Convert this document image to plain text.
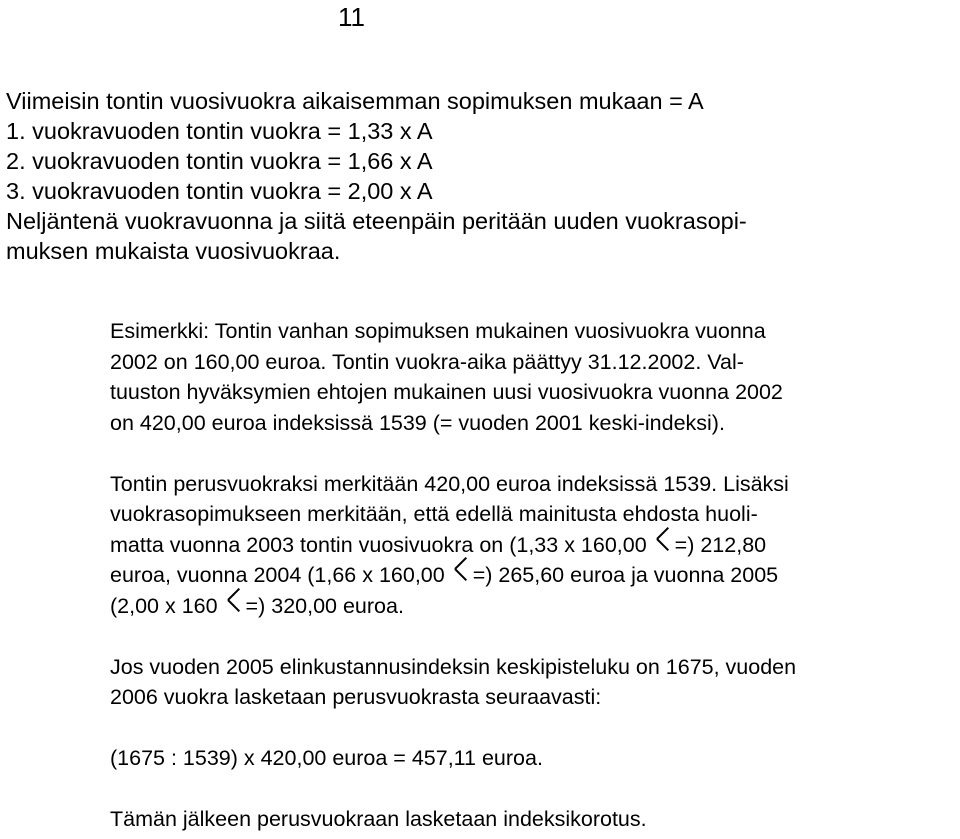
11
Viimeisin tontin vuosivuokra aikaisemman sopimuksen mukaan = A
1. vuokravuoden tontin vuokra = 1,33 x A
2. vuokravuoden tontin vuokra = 1,66 x A
3. vuokravuoden tontin vuokra = 2,00 x A
Neljäntenä vuokravuonna ja siitä eteenpäin peritään uuden vuokrasopi-
muksen mukaista vuosivuokraa.
Esimerkki: Tontin vanhan sopimuksen mukainen vuosivuokra vuonna
2002 on 160,00 euroa. Tontin vuokra-aika päättyy 31.12.2002. Val-
tuuston hyväksymien ehtojen mukainen uusi vuosivuokra vuonna 2002
on 420,00 euroa indeksissä 1539 (= vuoden 2001 keski-indeksi).
Tontin perusvuokraksi merkitään 420,00 euroa indeksissä 1539. Lisäksi
vuokrasopimukseen merkitään, että edellä mainitusta ehdosta huoli-
matta vuonna 2003 tontin vuosivuokra on (1,33 x 160,00 =) 212,80
euroa, vuonna 2004 (1,66 x 160,00 =) 265,60 euroa ja vuonna 2005
(2,00 x 160 =) 320,00 euroa.
Jos vuoden 2005 elinkustannusindeksin keskipisteluku on 1675, vuoden
2006 vuokra lasketaan perusvuokrasta seuraavasti:
(1675 : 1539) x 420,00 euroa = 457,11 euroa.
Tämän jälkeen perusvuokraan lasketaan indeksikorotus.
